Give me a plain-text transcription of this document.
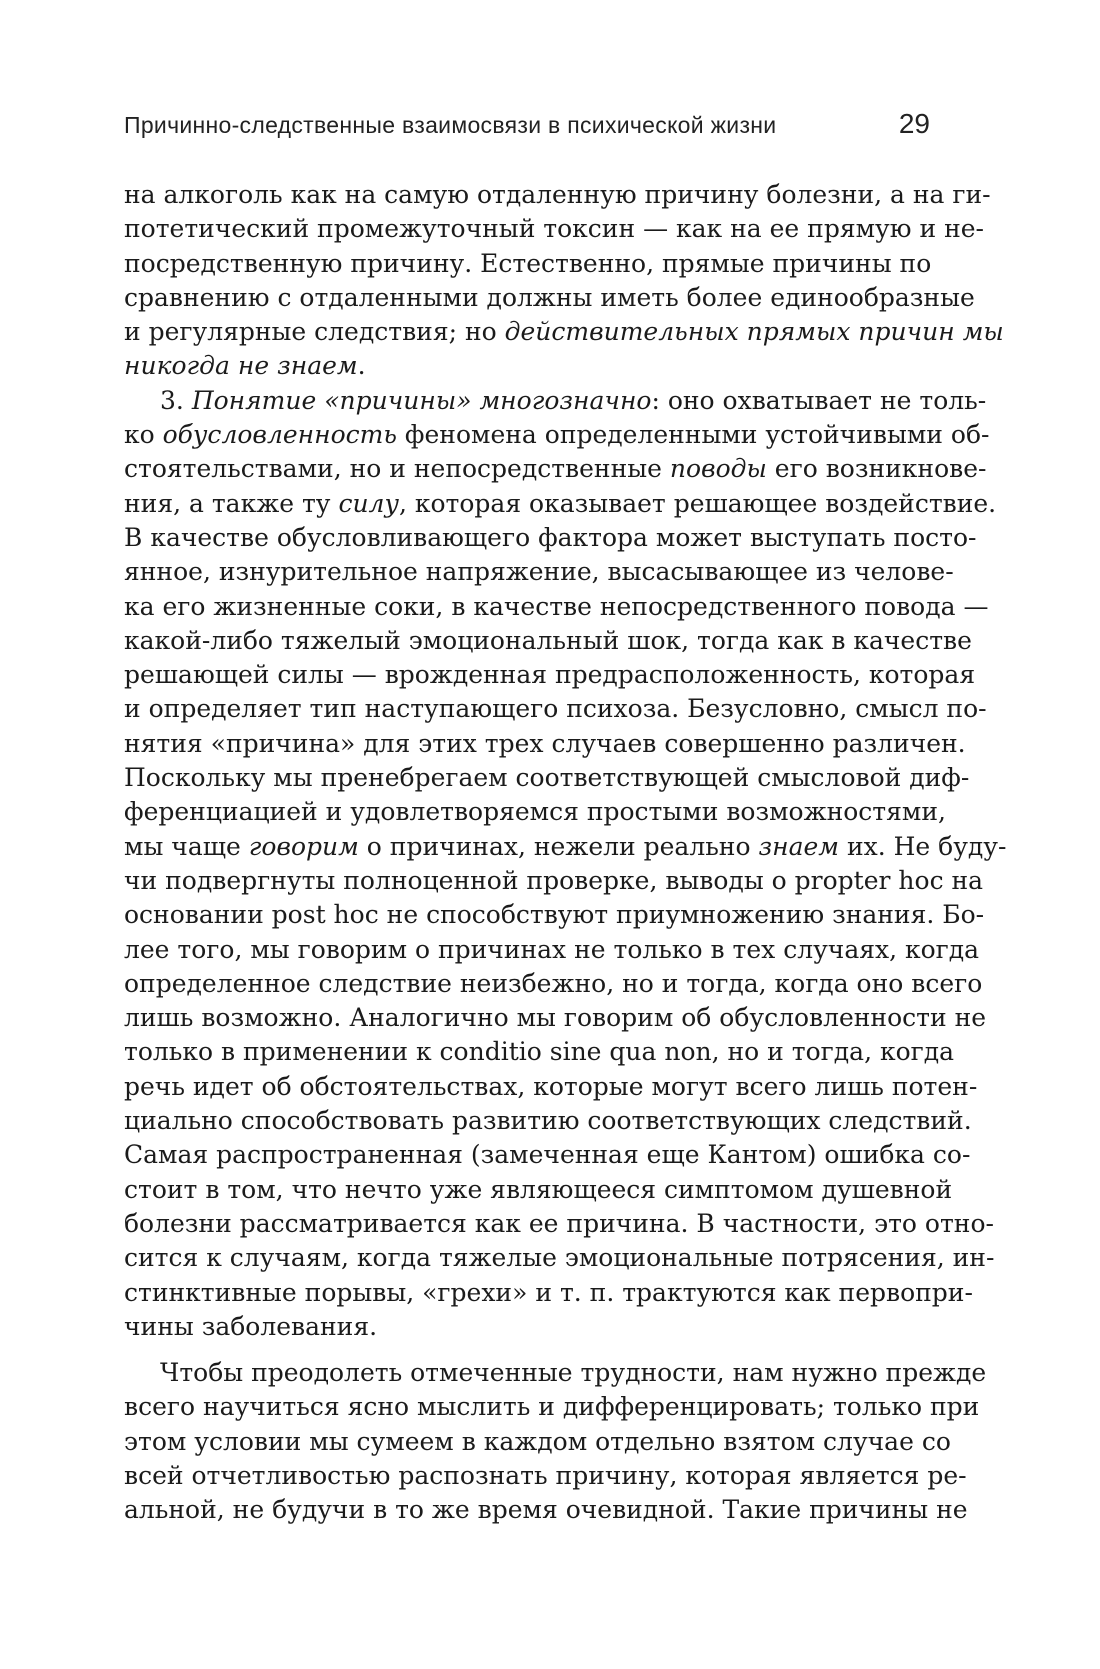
Причинно-следственные взаимосвязи в психической жизни	29
на алкоголь как на самую отдаленную причину болезни, а на ги-
потетический промежуточный токсин — как на ее прямую и не-
посредственную причину. Естественно, прямые причины по
сравнению с отдаленными должны иметь более единообразные
и регулярные следствия; но действительных прямых причин мы
никогда не знаем.
3. Понятие «причины» многозначно: оно охватывает не толь-
ко обусловленность феномена определенными устойчивыми об-
стоятельствами, но и непосредственные поводы его возникнове-
ния, а также ту силу, которая оказывает решающее воздействие.
В качестве обусловливающего фактора может выступать посто-
янное, изнурительное напряжение, высасывающее из челове-
ка его жизненные соки, в качестве непосредственного повода —
какой-либо тяжелый эмоциональный шок, тогда как в качестве
решающей силы — врожденная предрасположенность, которая
и определяет тип наступающего психоза. Безусловно, смысл по-
нятия «причина» для этих трех случаев совершенно различен.
Поскольку мы пренебрегаем соответствующей смысловой диф-
ференциацией и удовлетворяемся простыми возможностями,
мы чаще говорим о причинах, нежели реально знаем их. Не буду-
чи подвергнуты полноценной проверке, выводы о propter hoc на
основании post hoc не способствуют приумножению знания. Бо-
лее того, мы говорим о причинах не только в тех случаях, когда
определенное следствие неизбежно, но и тогда, когда оно всего
лишь возможно. Аналогично мы говорим об обусловленности не
только в применении к conditio sine qua non, но и тогда, когда
речь идет об обстоятельствах, которые могут всего лишь потен-
циально способствовать развитию соответствующих следствий.
Самая распространенная (замеченная еще Кантом) ошибка со-
стоит в том, что нечто уже являющееся симптомом душевной
болезни рассматривается как ее причина. В частности, это отно-
сится к случаям, когда тяжелые эмоциональные потрясения, ин-
стинктивные порывы, «грехи» и т. п. трактуются как первопри-
чины заболевания.
Чтобы преодолеть отмеченные трудности, нам нужно прежде
всего научиться ясно мыслить и дифференцировать; только при
этом условии мы сумеем в каждом отдельно взятом случае со
всей отчетливостью распознать причину, которая является ре-
альной, не будучи в то же время очевидной. Такие причины не
